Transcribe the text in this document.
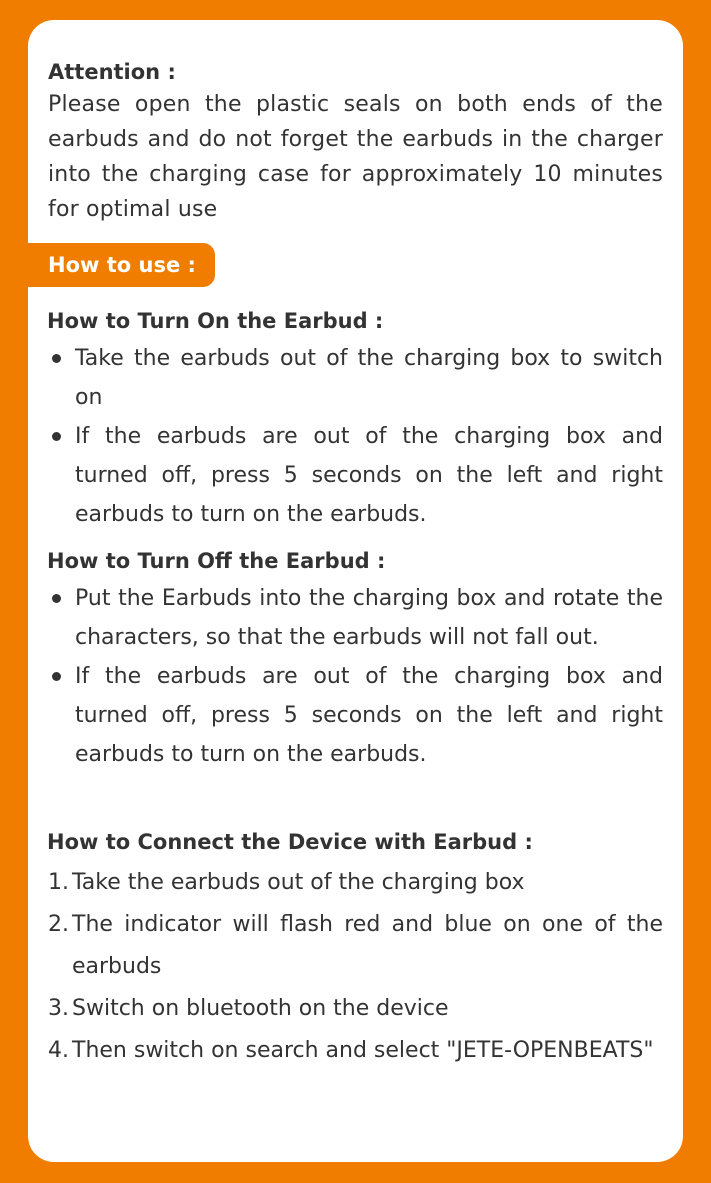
Attention :
Please open the plastic seals on both ends of the earbuds and do not forget the earbuds in the charger into the charging case for approximately 10 minutes for optimal use
How to use :
How to Turn On the Earbud :
Take the earbuds out of the charging box to switch on
If the earbuds are out of the charging box and turned off, press 5 seconds on the left and right earbuds to turn on the earbuds.
How to Turn Off the Earbud :
Put the Earbuds into the charging box and rotate the characters, so that the earbuds will not fall out.
If the earbuds are out of the charging box and turned off, press 5 seconds on the left and right earbuds to turn on the earbuds.
How to Connect the Device with Earbud :
1. Take the earbuds out of the charging box
2. The indicator will flash red and blue on one of the earbuds
3. Switch on bluetooth on the device
4. Then switch on search and select "JETE-OPENBEATS"
